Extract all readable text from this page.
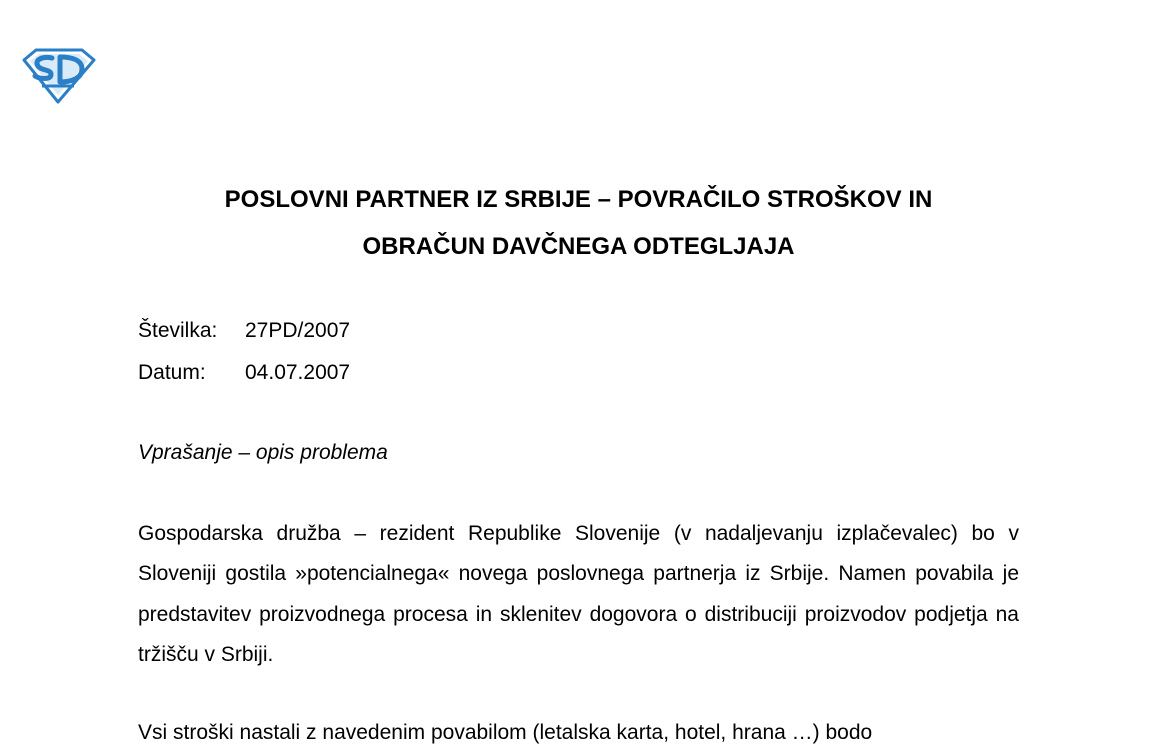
POSLOVNI PARTNER IZ SRBIJE – POVRAČILO STROŠKOV IN
OBRAČUN DAVČNEGA ODTEGLJAJA
Številka: 27PD/2007
Datum: 04.07.2007
Vprašanje – opis problema

Gospodarska družba – rezident Republike Slovenije (v nadaljevanju izplačevalec) bo v Sloveniji gostila »potencialnega« novega poslovnega partnerja iz Srbije. Namen povabila je predstavitev proizvodnega procesa in sklenitev dogovora o distribuciji proizvodov podjetja na tržišču v Srbiji.

Vsi stroški nastali z navedenim povabilom (letalska karta, hotel, hrana …) bodo
